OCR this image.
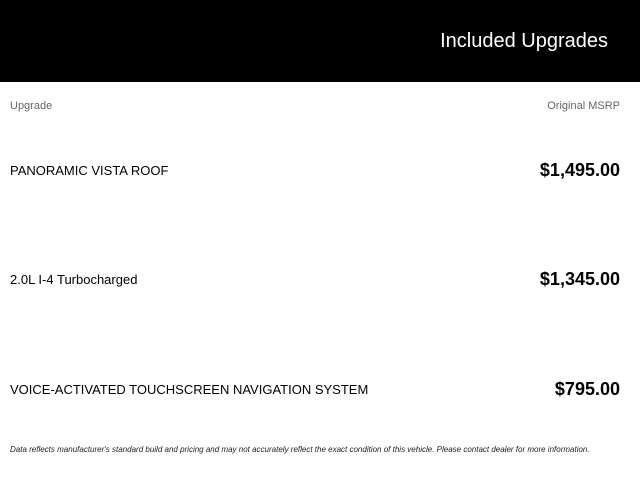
Included Upgrades
Upgrade	Original MSRP
PANORAMIC VISTA ROOF	$1,495.00
2.0L I-4 Turbocharged	$1,345.00
VOICE-ACTIVATED TOUCHSCREEN NAVIGATION SYSTEM	$795.00
Data reflects manufacturer's standard build and pricing and may not accurately reflect the exact condition of this vehicle. Please contact dealer for more information.
